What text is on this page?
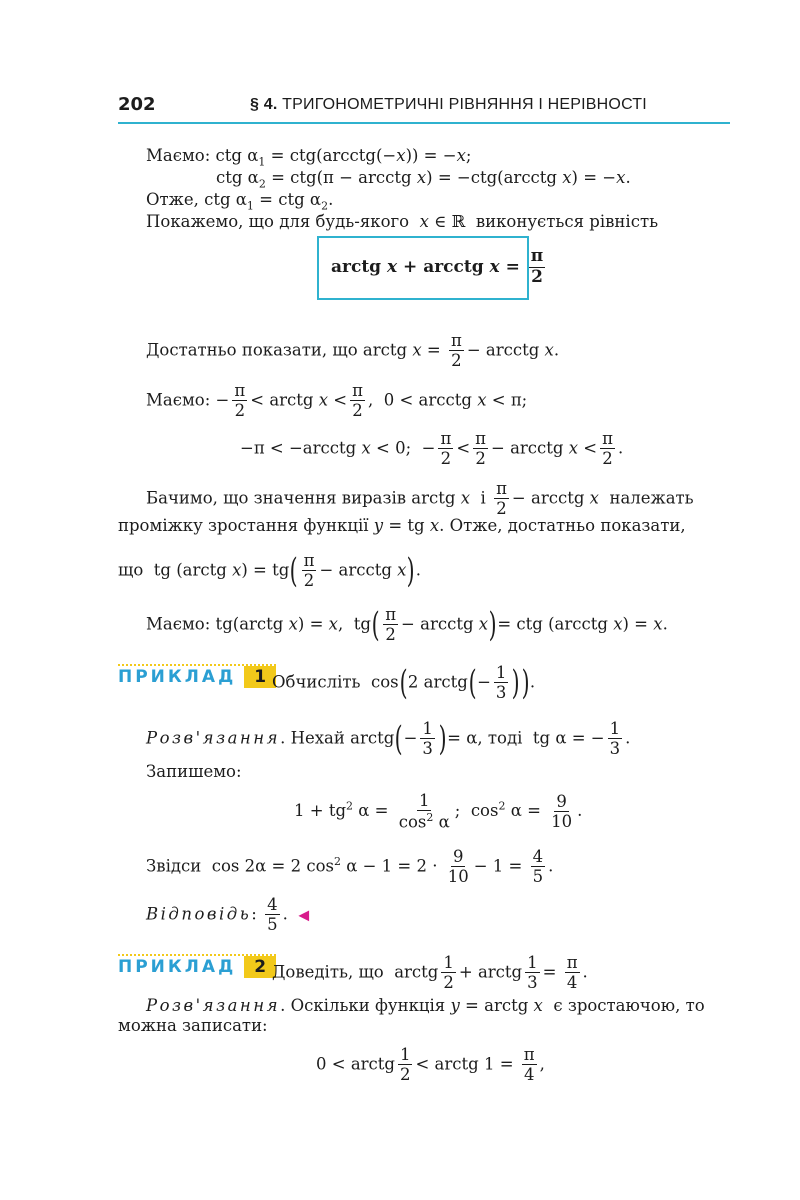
202	§ 4. ТРИГОНОМЕТРИЧНІ РІВНЯННЯ І НЕРІВНОСТІ
Маємо: ctg $\alpha_1$ = ctg(arcctg(−x)) = −x;
ctg $\alpha_2 = ctg(\pi$ − arcctg x) = −ctg(arcctg x) = −x.
Отже, ctg $\alpha_1$ = ctg $\alpha_2$.
Покажемо, що для будь-якого x ∈ ℝ  виконується рівність
arctg x + arcctg $x = \frac{\pi}{2}$
Достатньо показати, що arctg $x = \frac{\pi}{2}$ − arcctg x.
Маємо: − $\frac{\pi}{2}$ < arctg $x < \frac{\pi}{2}$ ,  0 < arcctg x < π;
−π < −arcctg x < 0;  − $\frac{\pi}{2} < \frac{\pi}{2}$ − arcctg $x < \frac{\pi}{2}$ .
Бачимо, що значення виразів arctg x і $\frac{\pi}{2}$ − arcctg x належать
проміжку зростання функції y = tg x. Отже, достатньо показати,
що  tg (arctg $x) = tg( \frac{\pi}{2}$ − arcctg x).
Маємо: tg(arctg x) = x,  $tg( \frac{\pi}{2}$ − arcctg x)= ctg (arcctg x) = x.
ПРИКЛАД 1 Обчисліть  cos(2 arctg(− $\frac{1}{3}$ )).
Розв'язання. Нехай arctg(− $\frac{1}{3}$ )= α, тоді  tg α = − $\frac{1}{3}$ .
Запишемо:
$1 + tg^2$ $\alpha = \frac{1}{\cos^2 \alpha}$ ;  $\cos^2 \alpha = \frac{9}{10}$ .
Звідси  cos 2α = 2 $\cos^2 \alpha - 1 = 2 \cdot \frac{9}{10} - 1 = \frac{4}{5}$ .
Відповідь: $\frac{4}{5}$ .  ◀
ПРИКЛАД 2 Доведіть, що  arctg $\frac{1}{2}$ + arctg $\frac{1}{3} = \frac{\pi}{4}$ .
Розв'язання. Оскільки функція y = arctg x є зростаючою, то
можна записати:
0 < arctg $\frac{1}{2}$ < arctg $1 = \frac{\pi}{4}$ ,
